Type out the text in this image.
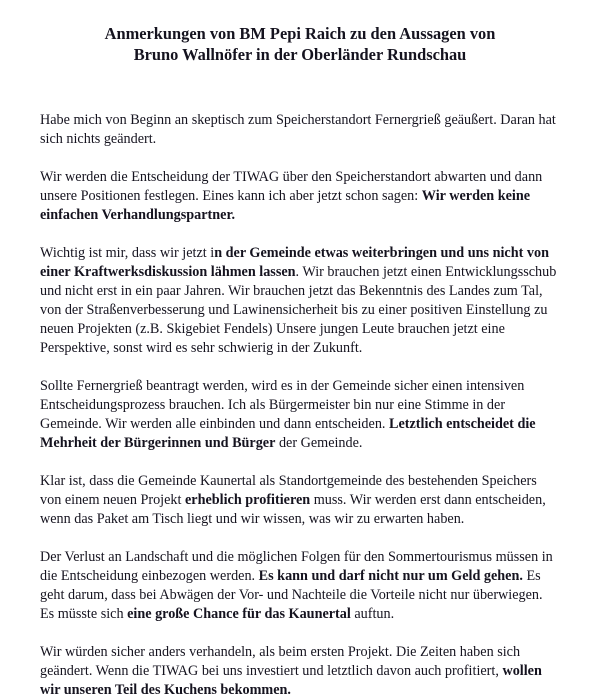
Anmerkungen von BM Pepi Raich zu den Aussagen von
Bruno Wallnöfer in der Oberländer Rundschau

Habe mich von Beginn an skeptisch zum Speicherstandort Fernergrieß geäußert. Daran hat sich nichts geändert.

Wir werden die Entscheidung der TIWAG über den Speicherstandort abwarten und dann unsere Positionen festlegen. Eines kann ich aber jetzt schon sagen: Wir werden keine einfachen Verhandlungspartner.

Wichtig ist mir, dass wir jetzt in der Gemeinde etwas weiterbringen und uns nicht von einer Kraftwerksdiskussion lähmen lassen. Wir brauchen jetzt einen Entwicklungsschub und nicht erst in ein paar Jahren. Wir brauchen jetzt das Bekenntnis des Landes zum Tal, von der Straßenverbesserung und Lawinensicherheit bis zu einer positiven Einstellung zu neuen Projekten (z.B. Skigebiet Fendels) Unsere jungen Leute brauchen jetzt eine Perspektive, sonst wird es sehr schwierig in der Zukunft.

Sollte Fernergrieß beantragt werden, wird es in der Gemeinde sicher einen intensiven Entscheidungsprozess brauchen. Ich als Bürgermeister bin nur eine Stimme in der Gemeinde. Wir werden alle einbinden und dann entscheiden. Letztlich entscheidet die Mehrheit der Bürgerinnen und Bürger der Gemeinde.

Klar ist, dass die Gemeinde Kaunertal als Standortgemeinde des bestehenden Speichers von einem neuen Projekt erheblich profitieren muss. Wir werden erst dann entscheiden, wenn das Paket am Tisch liegt und wir wissen, was wir zu erwarten haben.

Der Verlust an Landschaft und die möglichen Folgen für den Sommertourismus müssen in die Entscheidung einbezogen werden. Es kann und darf nicht nur um Geld gehen. Es geht darum, dass bei Abwägen der Vor- und Nachteile die Vorteile nicht nur überwiegen. Es müsste sich eine große Chance für das Kaunertal auftun.

Wir würden sicher anders verhandeln, als beim ersten Projekt. Die Zeiten haben sich geändert. Wenn die TIWAG bei uns investiert und letztlich davon auch profitiert, wollen wir unseren Teil des Kuchens bekommen.
